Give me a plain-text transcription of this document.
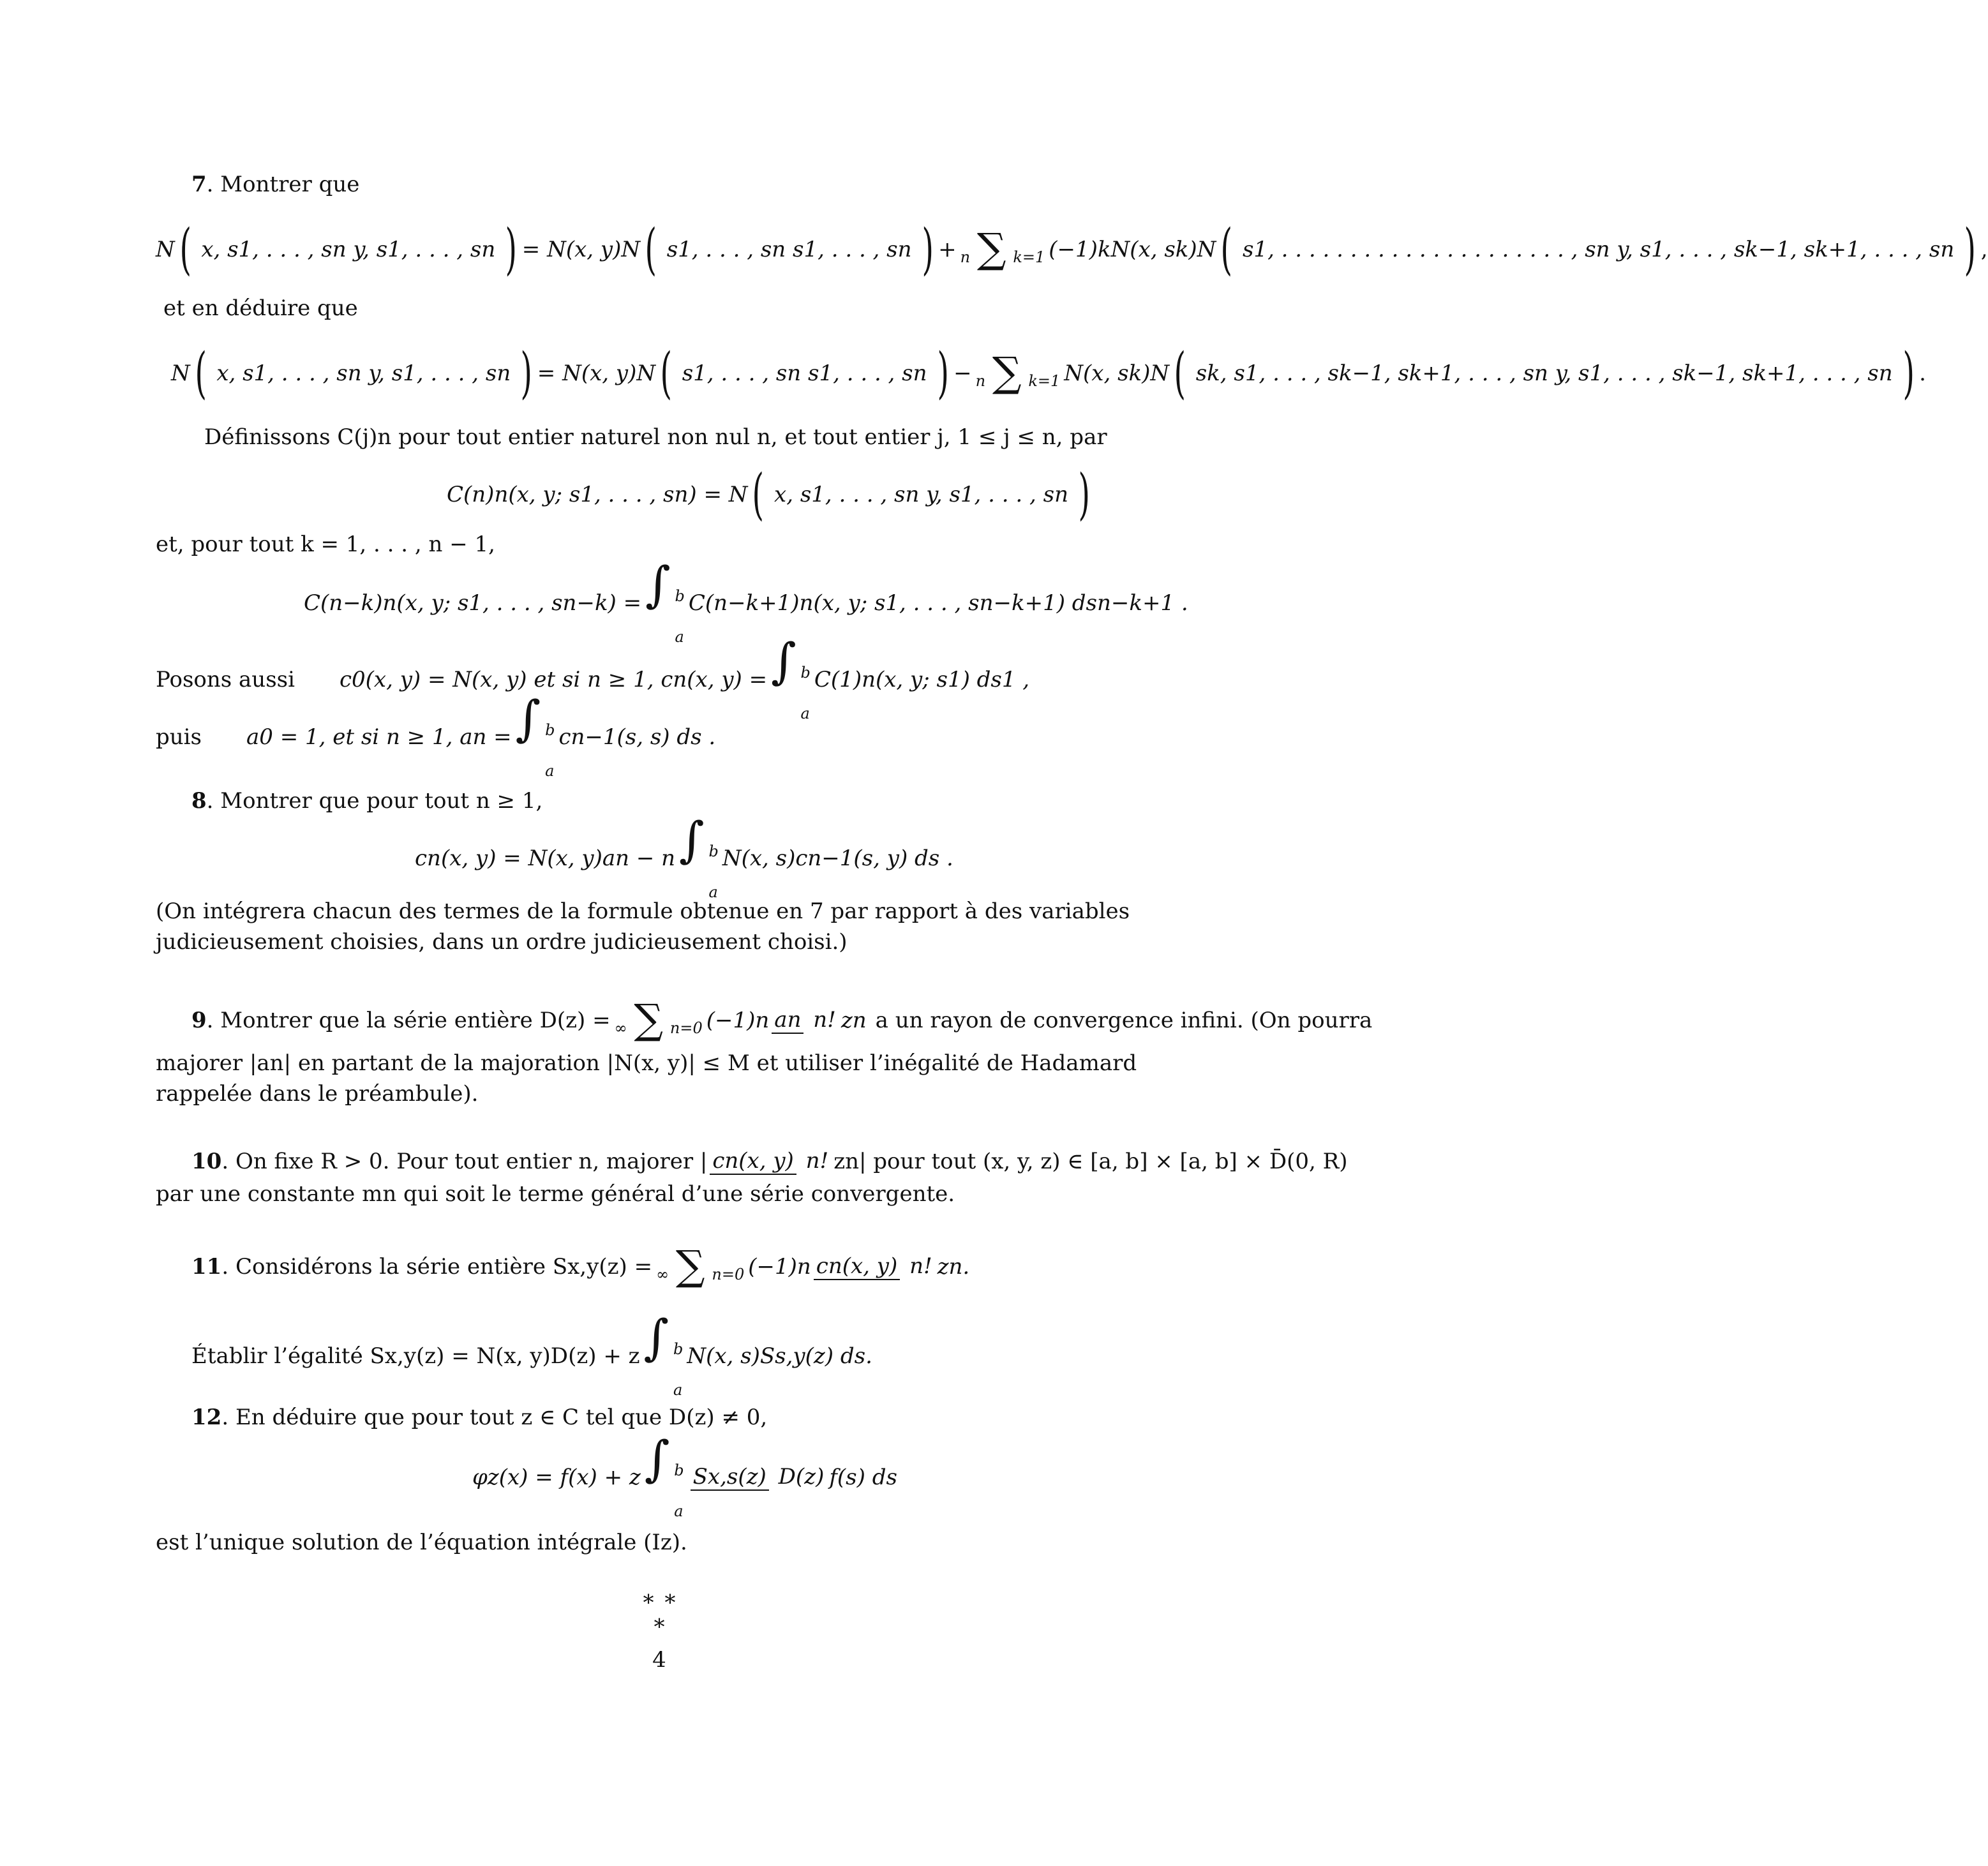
7. Montrer que
N ( x, s1, . . . , sn y, s1, . . . , sn ) = N(x, y)N ( s1, . . . , sn s1, . . . , sn ) + n ∑ k=1 (−1)kN(x, sk)N ( s1, . . . . . . . . . . . . . . . . . . . . . , sn y, s1, . . . , sk−1, sk+1, . . . , sn ) ,
et en déduire que
N ( x, s1, . . . , sn y, s1, . . . , sn ) = N(x, y)N ( s1, . . . , sn s1, . . . , sn ) − n ∑ k=1 N(x, sk)N ( sk, s1, . . . , sk−1, sk+1, . . . , sn y, s1, . . . , sk−1, sk+1, . . . , sn ) .
Définissons C(j)n pour tout entier naturel non nul n, et tout entier j, 1 ≤ j ≤ n, par
C(n)n(x, y; s1, . . . , sn) = N ( x, s1, . . . , sn y, s1, . . . , sn )
et, pour tout k = 1, . . . , n − 1,
C(n−k)n(x, y; s1, . . . , sn−k) = ∫ b
a
C(n−k+1)n(x, y; s1, . . . , sn−k+1) dsn−k+1 .
Posons aussi c0(x, y) = N(x, y) et si n ≥ 1, cn(x, y) = ∫ b
a
C(1)n(x, y; s1) ds1 ,
puis a0 = 1, et si n ≥ 1, an = ∫ b
a
cn−1(s, s) ds .
8. Montrer que pour tout n ≥ 1,
cn(x, y) = N(x, y)an − n ∫ b
a
N(x, s)cn−1(s, y) ds .
(On intégrera chacun des termes de la formule obtenue en 7 par rapport à des variables judicieusement choisies, dans un ordre judicieusement choisi.)
9 . Montrer que la série entière D(z) = ∞ ∑ n=0 (−1)n an n! zn a un rayon de convergence infini. (On pourra
majorer |an| en partant de la majoration |N(x, y)| ≤ M et utiliser l’inégalité de Hadamard rappelée dans le préambule).
10 . On fixe R > 0. Pour tout entier n, majorer | cn(x, y) n! zn| pour tout (x, y, z) ∈ [a, b] × [a, b] × D̄(0, R)
par une constante mn qui soit le terme général d’une série convergente.
11 . Considérons la série entière Sx,y(z) = ∞ ∑ n=0 (−1)n cn(x, y) n! zn.
Établir l’égalité Sx,y(z) = N(x, y)D(z) + z ∫ b
a
N(x, s)Ss,y(z) ds.
12. En déduire que pour tout z ∈ C tel que D(z) ≠ 0,
φz(x) = f(x) + z ∫ b
a
Sx,s(z) D(z) f(s) ds
est l’unique solution de l’équation intégrale (Iz).
∗ ∗
∗
4
